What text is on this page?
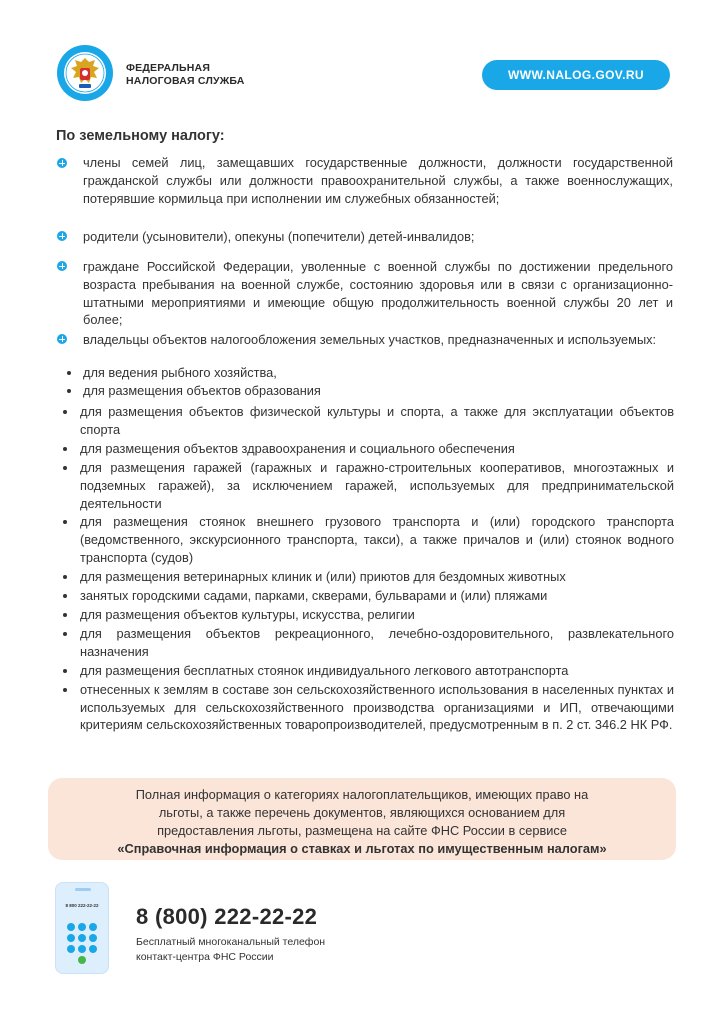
ФЕДЕРАЛЬНАЯ
НАЛОГОВАЯ СЛУЖБА	WWW.NALOG.GOV.RU
По земельному налогу:
члены семей лиц, замещавших государственные должности, должности государственной гражданской службы или должности правоохранительной службы, а также военнослужащих, потерявшие кормильца при исполнении им служебных обязанностей;
родители (усыновители), опекуны (попечители) детей-инвалидов;
граждане Российской Федерации, уволенные с военной службы по достижении предельного возраста пребывания на военной службе, состоянию здоровья или в связи с организационно-штатными мероприятиями и имеющие общую продолжительность военной службы 20 лет и более;
владельцы объектов налогообложения земельных участков, предназначенных и используемых:
для ведения рыбного хозяйства,
для размещения объектов образования
для размещения объектов физической культуры и спорта, а также для эксплуатации объектов спорта
для размещения объектов здравоохранения и социального обеспечения
для размещения гаражей (гаражных и гаражно-строительных кооперативов, многоэтажных и подземных гаражей), за исключением гаражей, используемых для предпринимательской деятельности
для размещения стоянок внешнего грузового транспорта и (или) городского транспорта (ведомственного, экскурсионного транспорта, такси), а также причалов и (или) стоянок водного транспорта (судов)
для размещения ветеринарных клиник и (или) приютов для бездомных животных
занятых городскими садами, парками, скверами, бульварами и (или) пляжами
для размещения объектов культуры, искусства, религии
для размещения объектов рекреационного, лечебно-оздоровительного, развлекательного назначения
для размещения бесплатных стоянок индивидуального легкового автотранспорта
отнесенных к землям в составе зон сельскохозяйственного использования в населенных пунктах и используемых для сельскохозяйственного производства организациями и ИП, отвечающими критериям сельскохозяйственных товаропроизводителей, предусмотренным в п. 2 ст. 346.2 НК РФ.
Полная информация о категориях налогоплательщиков, имеющих право на
льготы, а также перечень документов, являющихся основанием для
предоставления льготы, размещена на сайте ФНС России в сервисе
«Справочная информация о ставках и льготах по имущественным налогам»
8 800 222-22-22	8 (800) 222-22-22
Бесплатный многоканальный телефон
контакт-центра ФНС России
